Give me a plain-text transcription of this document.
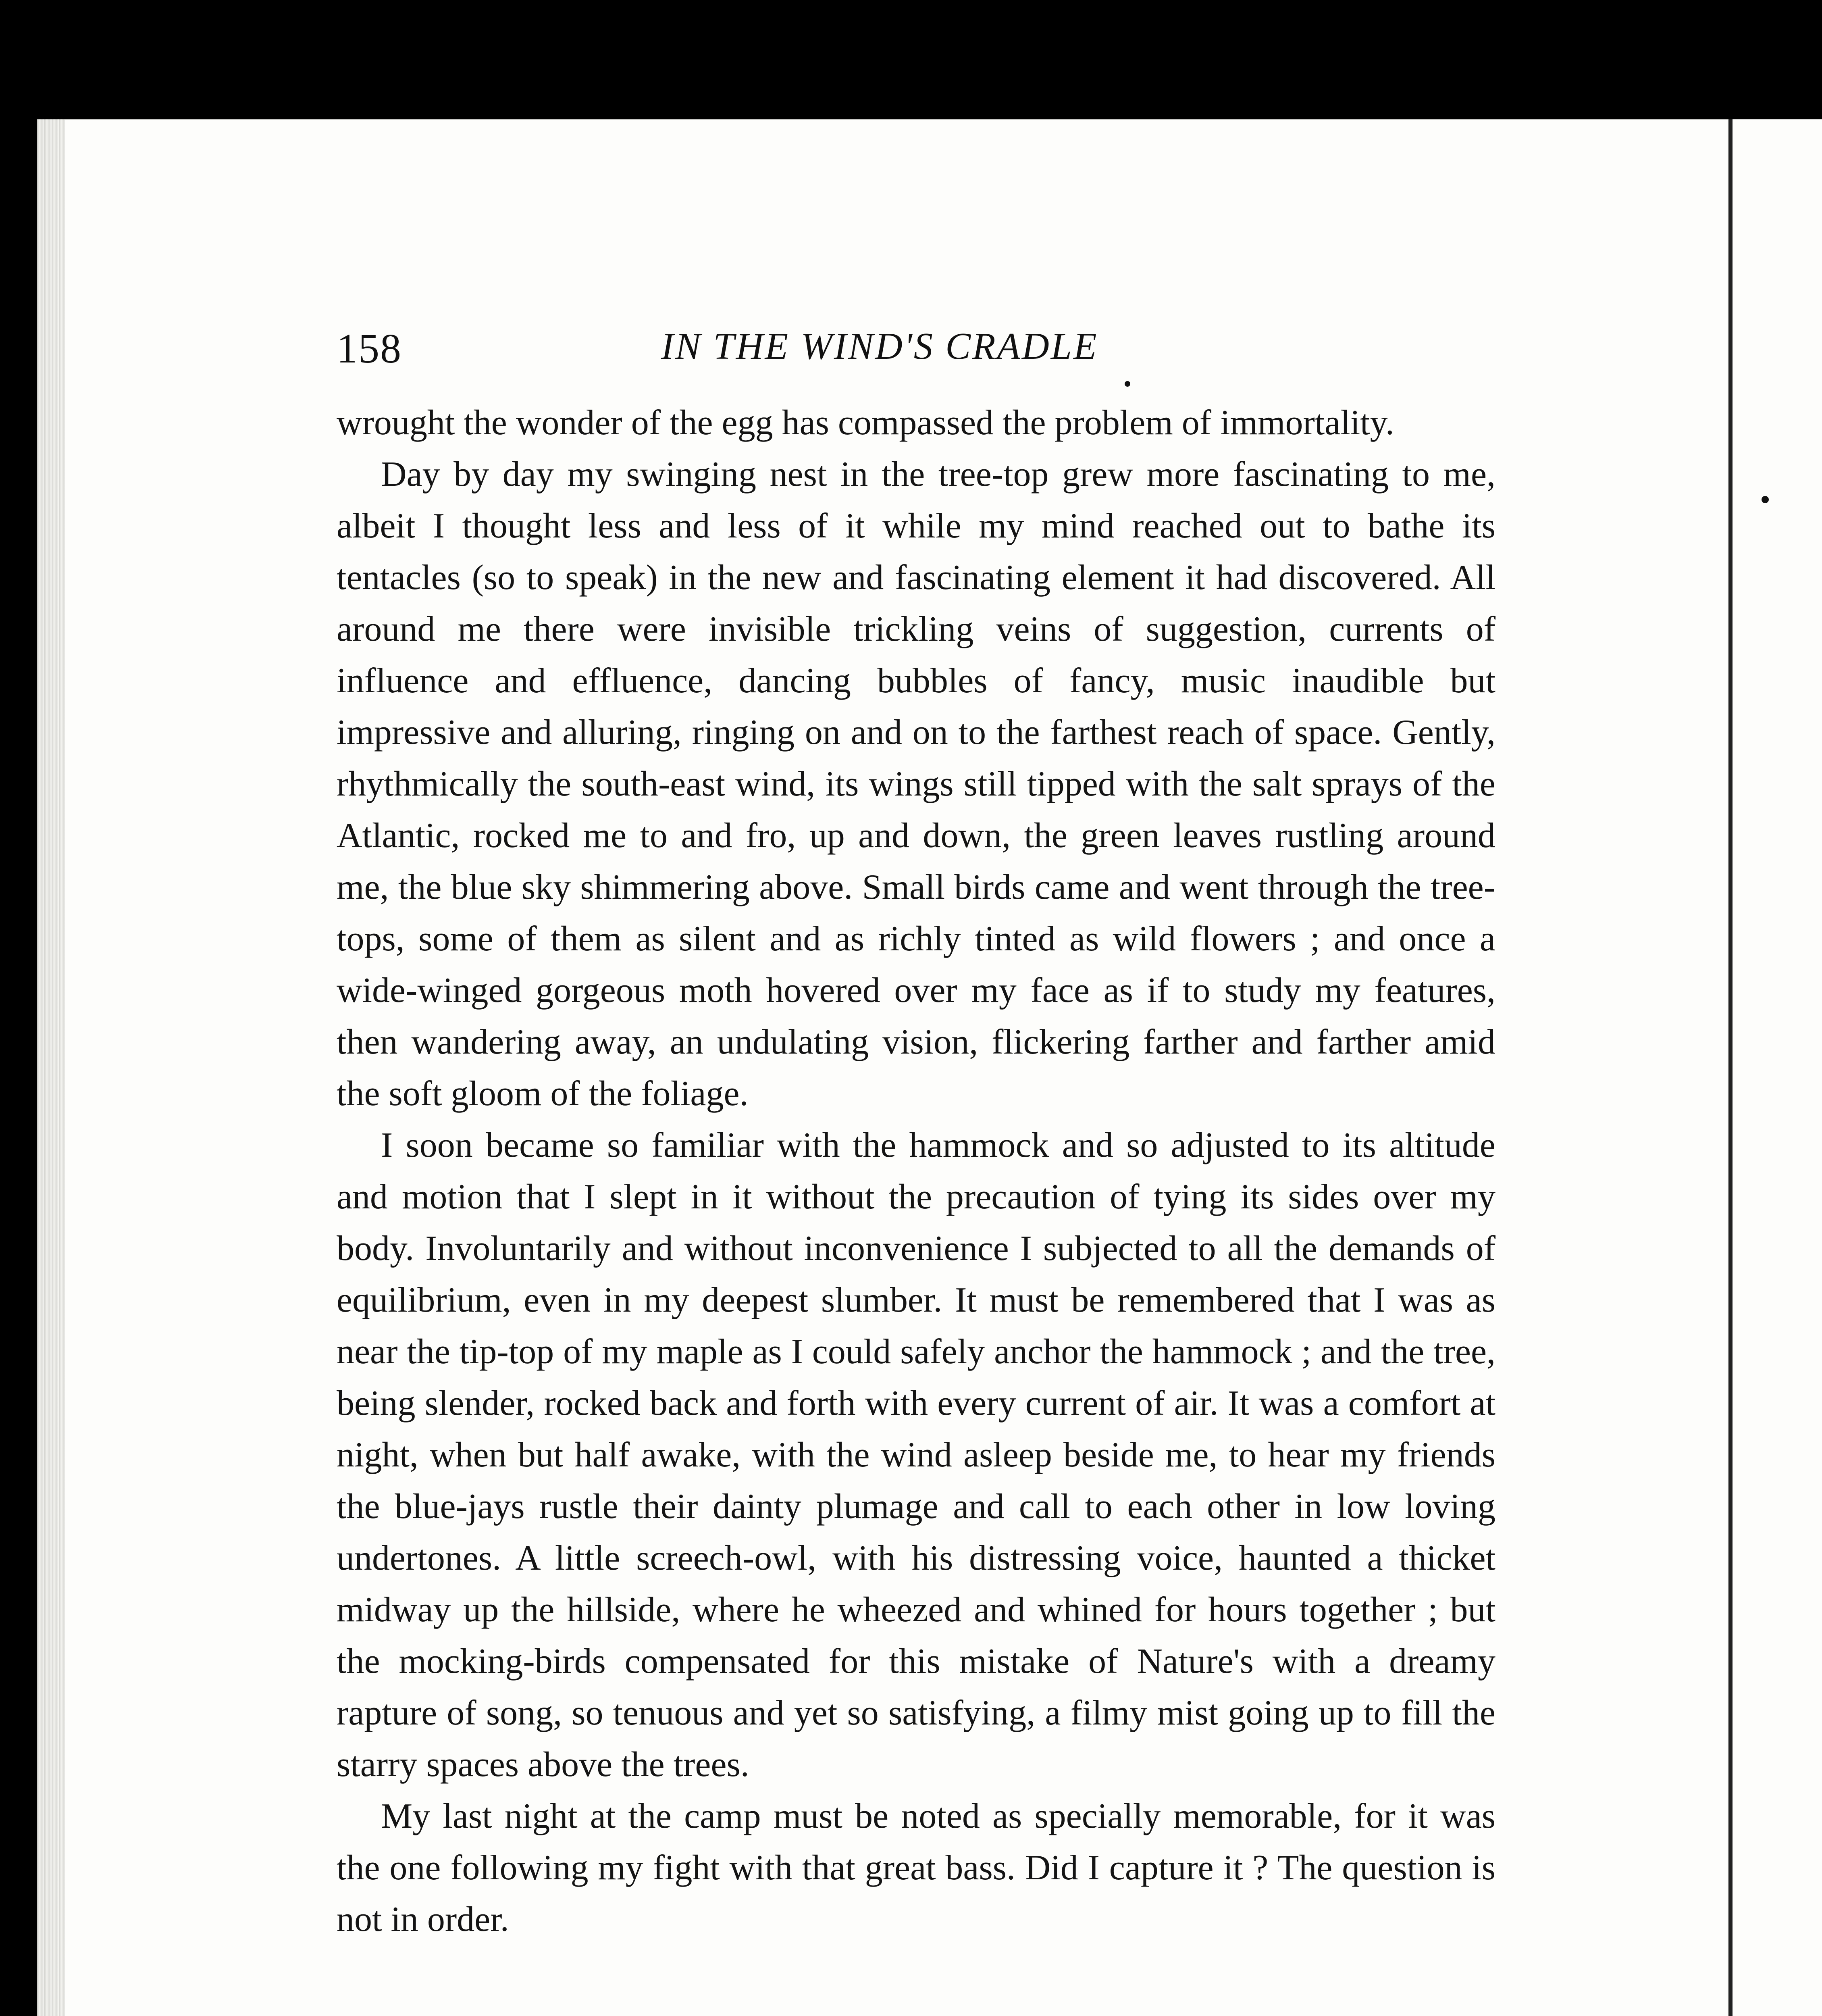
158	IN THE WIND'S CRADLE

wrought the wonder of the egg has compassed the problem of immortality.

Day by day my swinging nest in the tree-top grew more fascinating to me, albeit I thought less and less of it while my mind reached out to bathe its tentacles (so to speak) in the new and fascinating element it had discovered. All around me there were invisible trickling veins of suggestion, currents of influence and effluence, dancing bubbles of fancy, music inaudible but impressive and alluring, ringing on and on to the farthest reach of space. Gently, rhythmically the south-east wind, its wings still tipped with the salt sprays of the Atlantic, rocked me to and fro, up and down, the green leaves rustling around me, the blue sky shimmering above. Small birds came and went through the tree-tops, some of them as silent and as richly tinted as wild flowers ; and once a wide-winged gorgeous moth hovered over my face as if to study my features, then wandering away, an undulating vision, flickering farther and farther amid the soft gloom of the foliage.

I soon became so familiar with the hammock and so adjusted to its altitude and motion that I slept in it without the precaution of tying its sides over my body. Involuntarily and without inconvenience I subjected to all the demands of equilibrium, even in my deepest slumber. It must be remembered that I was as near the tip-top of my maple as I could safely anchor the hammock ; and the tree, being slender, rocked back and forth with every current of air. It was a comfort at night, when but half awake, with the wind asleep beside me, to hear my friends the blue-jays rustle their dainty plumage and call to each other in low loving undertones. A little screech-owl, with his distressing voice, haunted a thicket midway up the hillside, where he wheezed and whined for hours together ; but the mocking-birds compensated for this mistake of Nature's with a dreamy rapture of song, so tenuous and yet so satisfying, a filmy mist going up to fill the starry spaces above the trees.

My last night at the camp must be noted as specially memorable, for it was the one following my fight with that great bass. Did I capture it ? The question is not in order.
